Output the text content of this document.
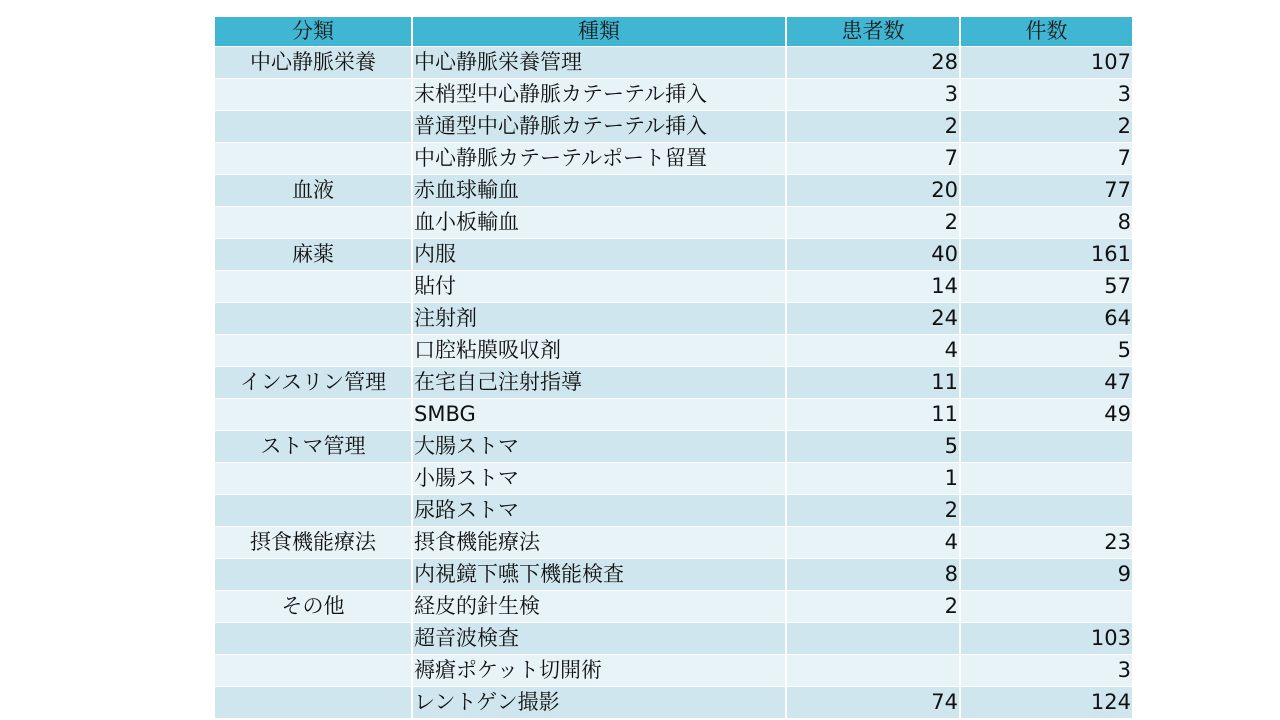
分類	種類	患者数	件数
中心静脈栄養	中心静脈栄養管理	28	107
	末梢型中心静脈カテーテル挿入	3	3
	普通型中心静脈カテーテル挿入	2	2
	中心静脈カテーテルポート留置	7	7
血液	赤血球輸血	20	77
	血小板輸血	2	8
麻薬	内服	40	161
	貼付	14	57
	注射剤	24	64
	口腔粘膜吸収剤	4	5
インスリン管理	在宅自己注射指導	11	47
	SMBG	11	49
ストマ管理	大腸ストマ	5	
	小腸ストマ	1	
	尿路ストマ	2	
摂食機能療法	摂食機能療法	4	23
	内視鏡下嚥下機能検査	8	9
その他	経皮的針生検	2	
	超音波検査		103
	褥瘡ポケット切開術		3
	レントゲン撮影	74	124
